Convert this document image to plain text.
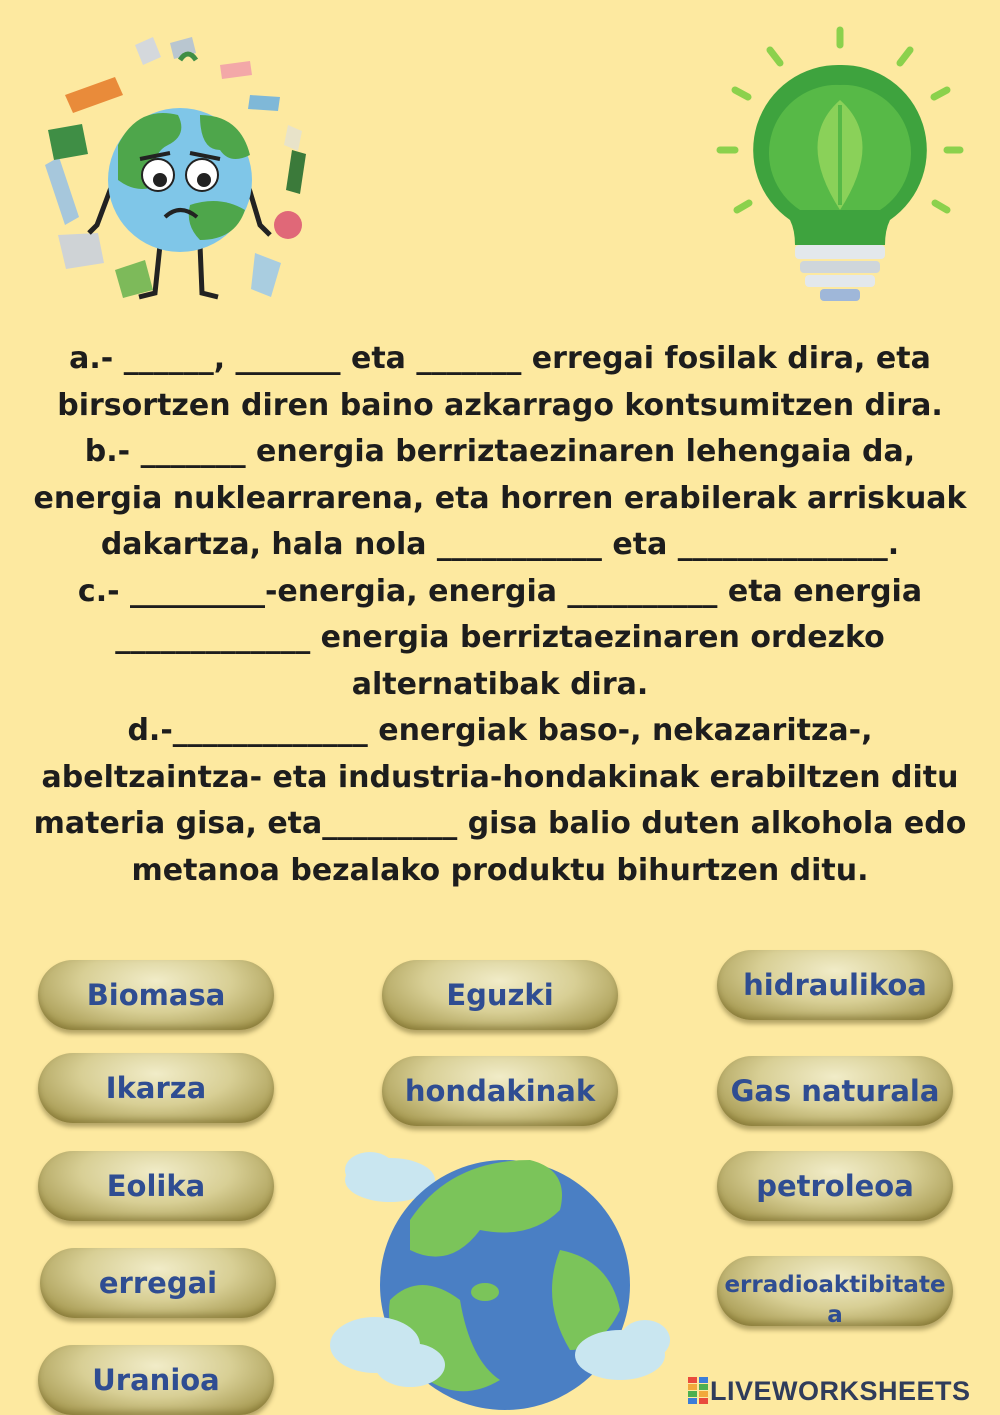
a.- ______, _______ eta _______ erregai fosilak dira, eta birsortzen diren baino azkarrago kontsumitzen dira.

b.- _______ energia berriztaezinaren lehengaia da, energia nuklearrarena, eta horren erabilerak arriskuak dakartza, hala nola ___________ eta ______________.

c.- _________-energia, energia __________ eta energia _____________ energia berriztaezinaren ordezko alternatibak dira.

d.-_____________ energiak baso-, nekazaritza-, abeltzaintza- eta industria-hondakinak erabiltzen ditu materia gisa, eta_________ gisa balio duten alkohola edo metanoa bezalako produktu bihurtzen ditu.

Biomasa	Eguzki	hidraulikoa
Ikarza	hondakinak	Gas naturala
Eolika	petroleoa
erregai	erradioaktibitatea
Uranioa	LIVEWORKSHEETS
